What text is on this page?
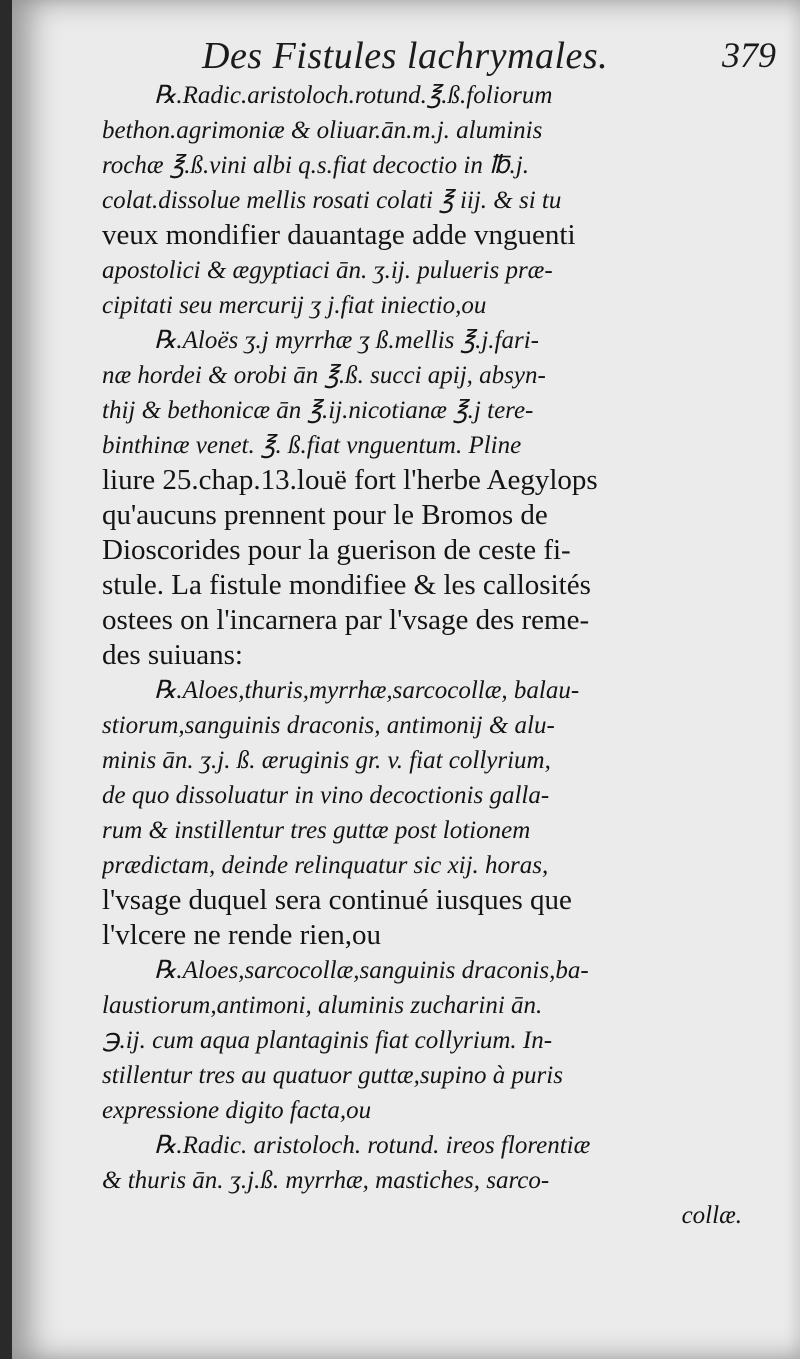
Des Fistules lachrymales.	379
℞.Radic.aristoloch.rotund.℥.ß.foliorum
bethon.agrimoniæ & oliuar.ān.m.j. aluminis
rochæ ℥.ß.vini albi q.s.fiat decoctio in ℔.j.
colat.dissolue mellis rosati colati ℥ iij. & si tu
veux mondifier dauantage adde vnguenti
apostolici & ægyptiaci ān. ʒ.ij. pulueris præ-
cipitati seu mercurij ʒ j.fiat iniectio,ou
℞.Aloës ʒ.j myrrhæ ʒ ß.mellis ℥.j.fari-
næ hordei & orobi ān ℥.ß. succi apij, absyn-
thij & bethonicæ ān ℥.ij.nicotianæ ℥.j tere-
binthinæ venet. ℥. ß.fiat vnguentum. Pline
liure 25.chap.13.louë fort l'herbe Aegylops
qu'aucuns prennent pour le Bromos de
Dioscorides pour la guerison de ceste fi-
stule. La fistule mondifiee & les callosités
ostees on l'incarnera par l'vsage des reme-
des suiuans:
℞.Aloes,thuris,myrrhæ,sarcocollæ, balau-
stiorum,sanguinis draconis, antimonij & alu-
minis ān. ʒ.j. ß. æruginis gr. v. fiat collyrium,
de quo dissoluatur in vino decoctionis galla-
rum & instillentur tres guttæ post lotionem
prædictam, deinde relinquatur sic xij. horas,
l'vsage duquel sera continué iusques que
l'vlcere ne rende rien,ou
℞.Aloes,sarcocollæ,sanguinis draconis,ba-
laustiorum,antimoni, aluminis zucharini ān.
℈.ij. cum aqua plantaginis fiat collyrium. In-
stillentur tres au quatuor guttæ,supino à puris
expressione digito facta,ou
℞.Radic. aristoloch. rotund. ireos florentiæ
& thuris ān. ʒ.j.ß. myrrhæ, mastiches, sarco-
collæ.
